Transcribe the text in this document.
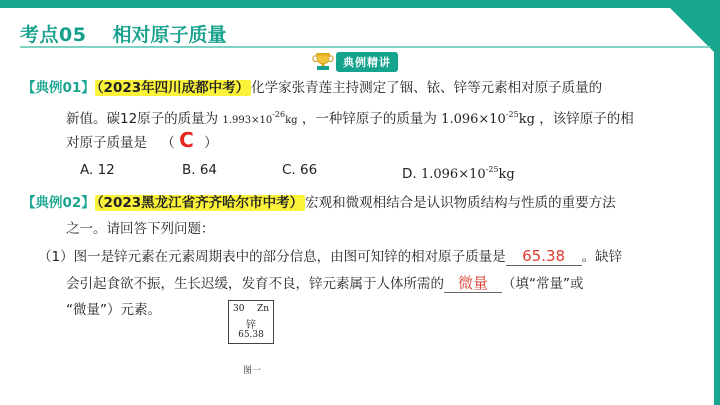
考点05 相对原子质量
典例精讲
【典例01】 （2023年四川成都中考） 化学家张青莲主持测定了铟、铱、锌等元素相对原子质量的
新值。碳12原子的质量为 $1.993\times 10^{-26}kg$ ，一种锌原子的质量为 $1.096\times 10^{-25}kg$ ，该锌原子的相
对原子质量是 （ C ）
A. 12	B. 64	C. 66	D. $1.096\times 10^{-25}kg$
【典例02】 （2023黑龙江省齐齐哈尔市中考） 宏观和微观相结合是认识物质结构与性质的重要方法
之一。请回答下列问题：
（1）图一是锌元素在元素周期表中的部分信息，由图可知锌的相对原子质量是 65.38 。缺锌
会引起食欲不振，生长迟缓，发育不良，锌元素属于人体所需的 微量 （填“常量”或
“微量”）元素。	30 Zn
锌
65.38
图一
